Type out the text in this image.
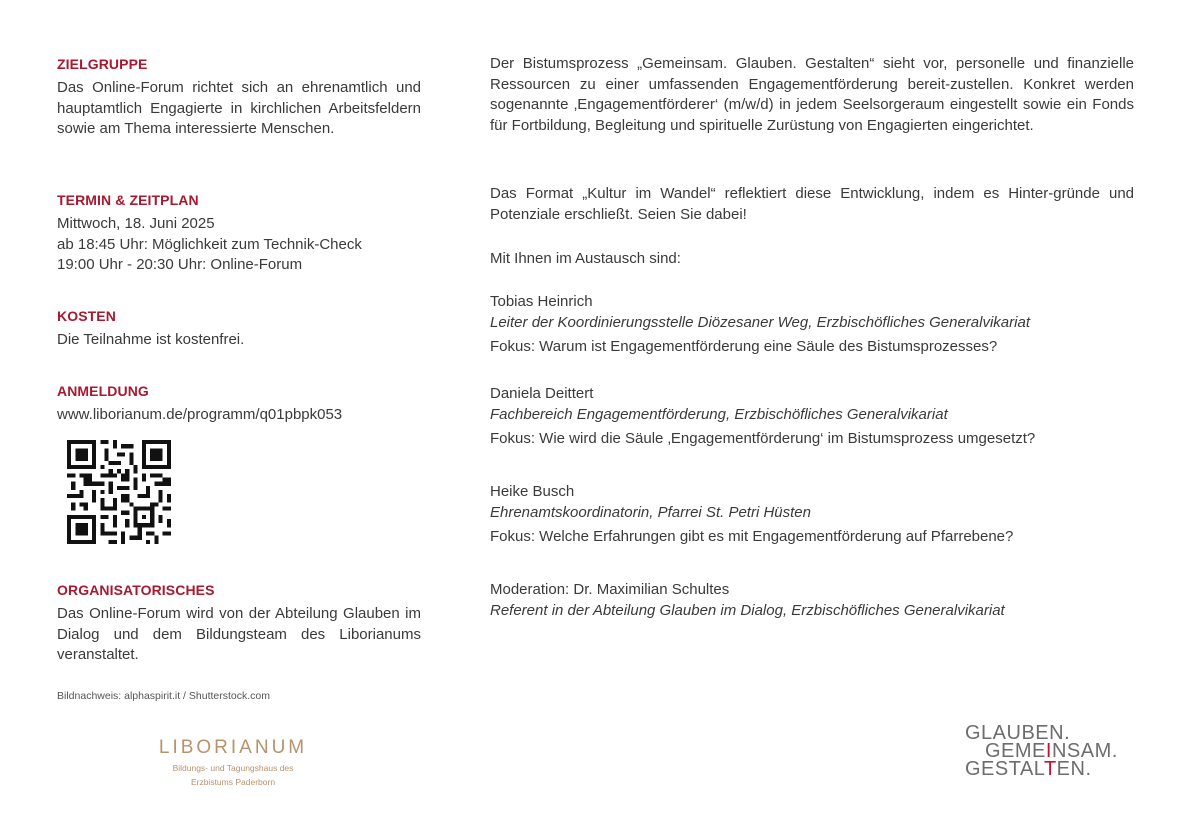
ZIELGRUPPE

Das Online-Forum richtet sich an ehrenamtlich und hauptamtlich Engagierte in kirchlichen Arbeitsfeldern sowie am Thema interessierte Menschen.

TERMIN & ZEITPLAN

Mittwoch, 18. Juni 2025

ab 18:45 Uhr: Möglichkeit zum Technik-Check

19:00 Uhr - 20:30 Uhr: Online-Forum

KOSTEN

Die Teilnahme ist kostenfrei.

ANMELDUNG

www.liborianum.de/programm/q01pbpk053

ORGANISATORISCHES

Das Online-Forum wird von der Abteilung Glauben im Dialog und dem Bildungsteam des Liborianums veranstaltet.

Bildnachweis: alphaspirit.it / Shutterstock.com
LIBORIANUM
Bildungs- und Tagungshaus des
Erzbistums Paderborn
GLAUBEN.
GEMEINSAM.
GESTALTEN.

Der Bistumsprozess „Gemeinsam. Glauben. Gestalten“ sieht vor, personelle und finanzielle Ressourcen zu einer umfassenden Engagementförderung bereit-zustellen. Konkret werden sogenannte ‚Engagementförderer‘ (m/w/d) in jedem Seelsorgeraum eingestellt sowie ein Fonds für Fortbildung, Begleitung und spirituelle Zurüstung von Engagierten eingerichtet.

Das Format „Kultur im Wandel“ reflektiert diese Entwicklung, indem es Hinter-gründe und Potenziale erschließt. Seien Sie dabei!

Mit Ihnen im Austausch sind:

Tobias Heinrich

Leiter der Koordinierungsstelle Diözesaner Weg, Erzbischöfliches Generalvikariat

Fokus: Warum ist Engagementförderung eine Säule des Bistumsprozesses?

Daniela Deittert

Fachbereich Engagementförderung, Erzbischöfliches Generalvikariat

Fokus: Wie wird die Säule ‚Engagementförderung‘ im Bistumsprozess umgesetzt?

Heike Busch

Ehrenamtskoordinatorin, Pfarrei St. Petri Hüsten

Fokus: Welche Erfahrungen gibt es mit Engagementförderung auf Pfarrebene?

Moderation: Dr. Maximilian Schultes

Referent in der Abteilung Glauben im Dialog, Erzbischöfliches Generalvikariat
